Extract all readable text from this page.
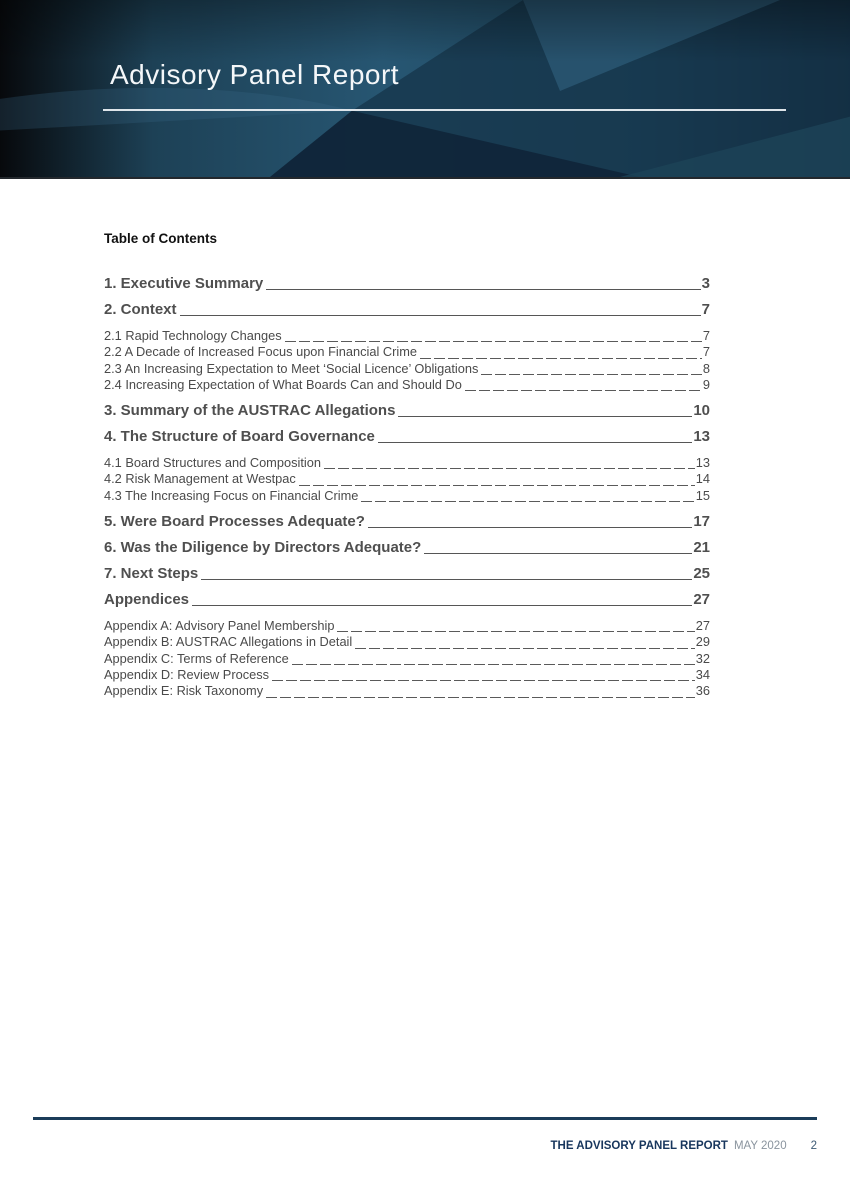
Advisory Panel Report
Table of Contents
1. Executive Summary	3
2. Context	7
2.1 Rapid Technology Changes	7
2.2 A Decade of Increased Focus upon Financial Crime	7
2.3 An Increasing Expectation to Meet ‘Social Licence’ Obligations	8
2.4 Increasing Expectation of What Boards Can and Should Do	9
3. Summary of the AUSTRAC Allegations	10
4. The Structure of Board Governance	13
4.1 Board Structures and Composition	13
4.2 Risk Management at Westpac	14
4.3 The Increasing Focus on Financial Crime	15
5. Were Board Processes Adequate?	17
6. Was the Diligence by Directors Adequate?	21
7. Next Steps	25
Appendices	27
Appendix A: Advisory Panel Membership	27
Appendix B: AUSTRAC Allegations in Detail	29
Appendix C: Terms of Reference	32
Appendix D: Review Process	34
Appendix E: Risk Taxonomy	36
THE ADVISORY PANEL REPORT MAY 2020 2
